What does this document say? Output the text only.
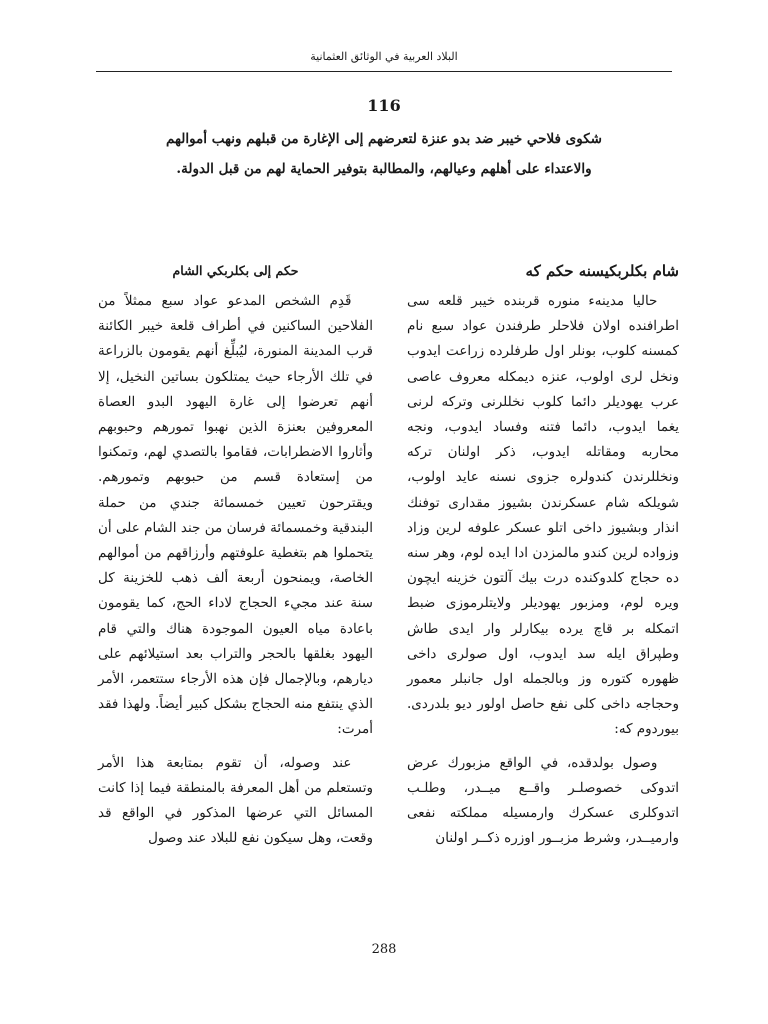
البلاد العربية في الوثائق العثمانية
116
شكوى فلاحي خيبر ضد بدو عنزة لتعرضهم إلى الإغارة من قبلهم ونهب أموالهم والاعتداء على أهلهم وعيالهم، والمطالبة بتوفير الحماية لهم من قبل الدولة.
شام بكلربكيسنه حكم كه
حكم إلى بكلربكي الشام

حاليا مدينهء منوره قربنده خيبر قلعه سى اطرافنده اولان فلاحلر طرفندن عواد سبع نام كمسنه كلوب، بونلر اول طرفلرده زراعت ايدوب ونخل لرى اولوب، عنزه ديمكله معروف عاصى عرب يهوديلر دائما كلوب نخللرنى وتركه لرنى يغما ايدوب، دائما فتنه وفساد ايدوب، ونجه محاربه ومقاتله ايدوب، ذكر اولنان تركه ونخللرندن كندولره جزوى نسنه عايد اولوب، شويلكه شام عسكرندن بشيوز مقدارى توفنك انذار وبشيوز داخى اتلو عسكر علوفه لرين وزاد وزواده لرين كندو مالمزدن ادا ايده لوم، وهر سنه ده حجاج كلدوكنده درت بيك آلتون خزينه ايچون ويره لوم، ومزبور يهوديلر ولايتلرموزى ضبط اتمكله بر قاچ يرده بيكارلر وار ايدى طاش وطپراق ايله سد ايدوب، اول صولرى داخى ظهوره كتوره وز وبالجمله اول جانبلر معمور وحجاجه داخى كلى نفع حاصل اولور ديو بلدردى. بيوردوم كه:

وصول بولدقده، في الواقع مزبورك عرض اتدوكى خصوصلـر واقــع ميــدر، وطلـب اتدوكلرى عسكرك وارمسيله مملكته نفعى وارميــدر، وشرط مزبــور اوزره ذكــر اولنان

قَدِم الشخص المدعو عواد سبع ممثلاً من الفلاحين الساكنين في أطراف قلعة خيبر الكائنة قرب المدينة المنورة، ليُبلِّغ أنهم يقومون بالزراعة في تلك الأرجاء حيث يمتلكون بساتين النخيل، إلا أنهم تعرضوا إلى غارة اليهود البدو العصاة المعروفين بعنزة الذين نهبوا تمورهم وحبوبهم وأثاروا الاضطرابات، فقاموا بالتصدي لهم، وتمكنوا من إستعادة قسم من حبوبهم وتمورهم. ويقترحون تعيين خمسمائة جندي من حملة البندقية وخمسمائة فرسان من جند الشام على أن يتحملوا هم بتغطية علوفتهم وأرزاقهم من أموالهم الخاصة، ويمنحون أربعة ألف ذهب للخزينة كل سنة عند مجيء الحجاج لاداء الحج، كما يقومون باعادة مياه العيون الموجودة هناك والتي قام اليهود بغلقها بالحجر والتراب بعد استيلائهم على ديارهم، وبالإجمال فإن هذه الأرجاء ستتعمر، الأمر الذي ينتفع منه الحجاج بشكل كبير أيضاً. ولهذا فقد أمرت:

عند وصوله، أن تقوم بمتابعة هذا الأمر وتستعلم من أهل المعرفة بالمنطقة فيما إذا كانت المسائل التي عرضها المذكور في الواقع قد وقعت، وهل سيكون نفع للبلاد عند وصول

288
